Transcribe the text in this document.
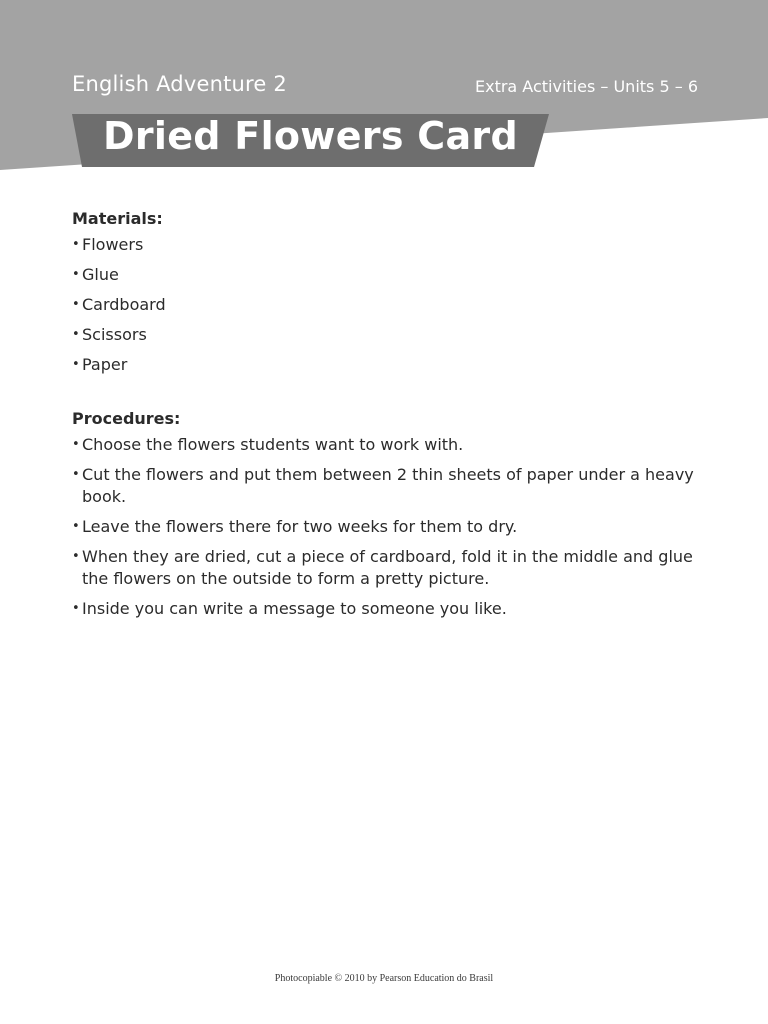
English Adventure 2	Extra Activities – Units 5 – 6
Dried Flowers Card

Materials:

• Flowers
• Glue
• Cardboard
• Scissors
• Paper

Procedures:

• Choose the flowers students want to work with.
• Cut the flowers and put them between 2 thin sheets of paper under a heavy book.
• Leave the flowers there for two weeks for them to dry.
• When they are dried, cut a piece of cardboard, fold it in the middle and glue the flowers on the outside to form a pretty picture.
• Inside you can write a message to someone you like.
Photocopiable © 2010 by Pearson Education do Brasil
